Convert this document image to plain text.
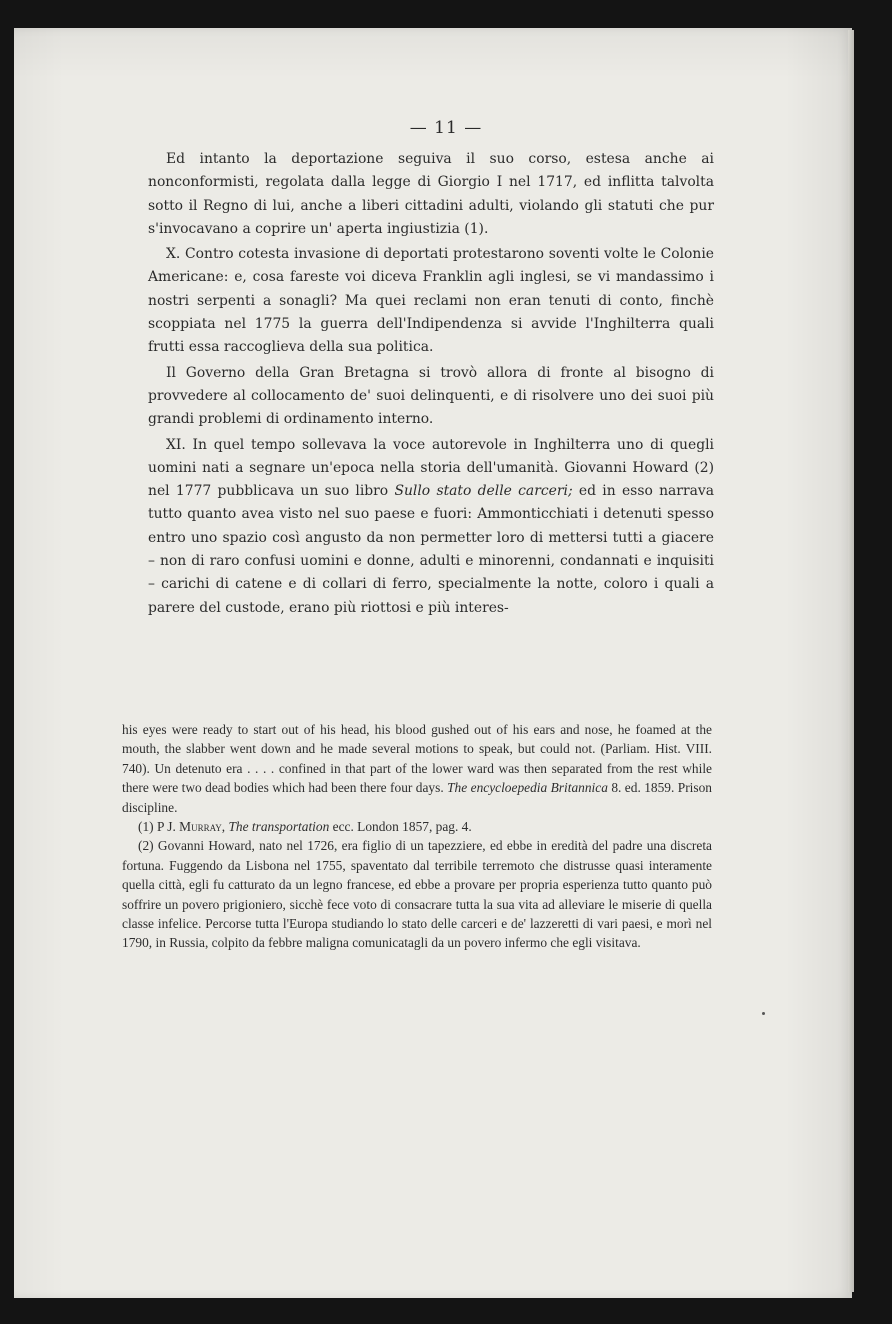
— 11 —

Ed intanto la deportazione seguiva il suo corso, estesa anche ai nonconformisti, regolata dalla legge di Giorgio I nel 1717, ed inflitta talvolta sotto il Regno di lui, anche a liberi cittadini adulti, violando gli statuti che pur s'invocavano a coprire un' aperta ingiustizia (1).

X. Contro cotesta invasione di deportati protestarono soventi volte le Colonie Americane: e, cosa fareste voi diceva Franklin agli inglesi, se vi mandassimo i nostri serpenti a sonagli? Ma quei reclami non eran tenuti di conto, finchè scoppiata nel 1775 la guerra dell'Indipendenza si avvide l'Inghilterra quali frutti essa raccoglieva della sua politica.

Il Governo della Gran Bretagna si trovò allora di fronte al bisogno di provvedere al collocamento de' suoi delinquenti, e di risolvere uno dei suoi più grandi problemi di ordinamento interno.

XI. In quel tempo sollevava la voce autorevole in Inghilterra uno di quegli uomini nati a segnare un'epoca nella storia dell'umanità. Giovanni Howard (2) nel 1777 pubblicava un suo libro Sullo stato delle carceri; ed in esso narrava tutto quanto avea visto nel suo paese e fuori: Ammonticchiati i detenuti spesso entro uno spazio così angusto da non permetter loro di mettersi tutti a giacere – non di raro confusi uomini e donne, adulti e minorenni, condannati e inquisiti – carichi di catene e di collari di ferro, specialmente la notte, coloro i quali a parere del custode, erano più riottosi e più interes-

his eyes were ready to start out of his head, his blood gushed out of his ears and nose, he foamed at the mouth, the slabber went down and he made several motions to speak, but could not. (Parliam. Hist. VIII. 740). Un detenuto era . . . . confined in that part of the lower ward was then separated from the rest while there were two dead bodies which had been there four days. The encycloepedia Britannica 8. ed. 1859. Prison discipline.

(1) P J. Murray, The transportation ecc. London 1857, pag. 4.

(2) Govanni Howard, nato nel 1726, era figlio di un tapezziere, ed ebbe in eredità del padre una discreta fortuna. Fuggendo da Lisbona nel 1755, spaventato dal terribile terremoto che distrusse quasi interamente quella città, egli fu catturato da un legno francese, ed ebbe a provare per propria esperienza tutto quanto può soffrire un povero prigioniero, sicchè fece voto di consacrare tutta la sua vita ad alleviare le miserie di quella classe infelice. Percorse tutta l'Europa studiando lo stato delle carceri e de' lazzeretti di vari paesi, e morì nel 1790, in Russia, colpito da febbre maligna comunicatagli da un povero infermo che egli visitava.
